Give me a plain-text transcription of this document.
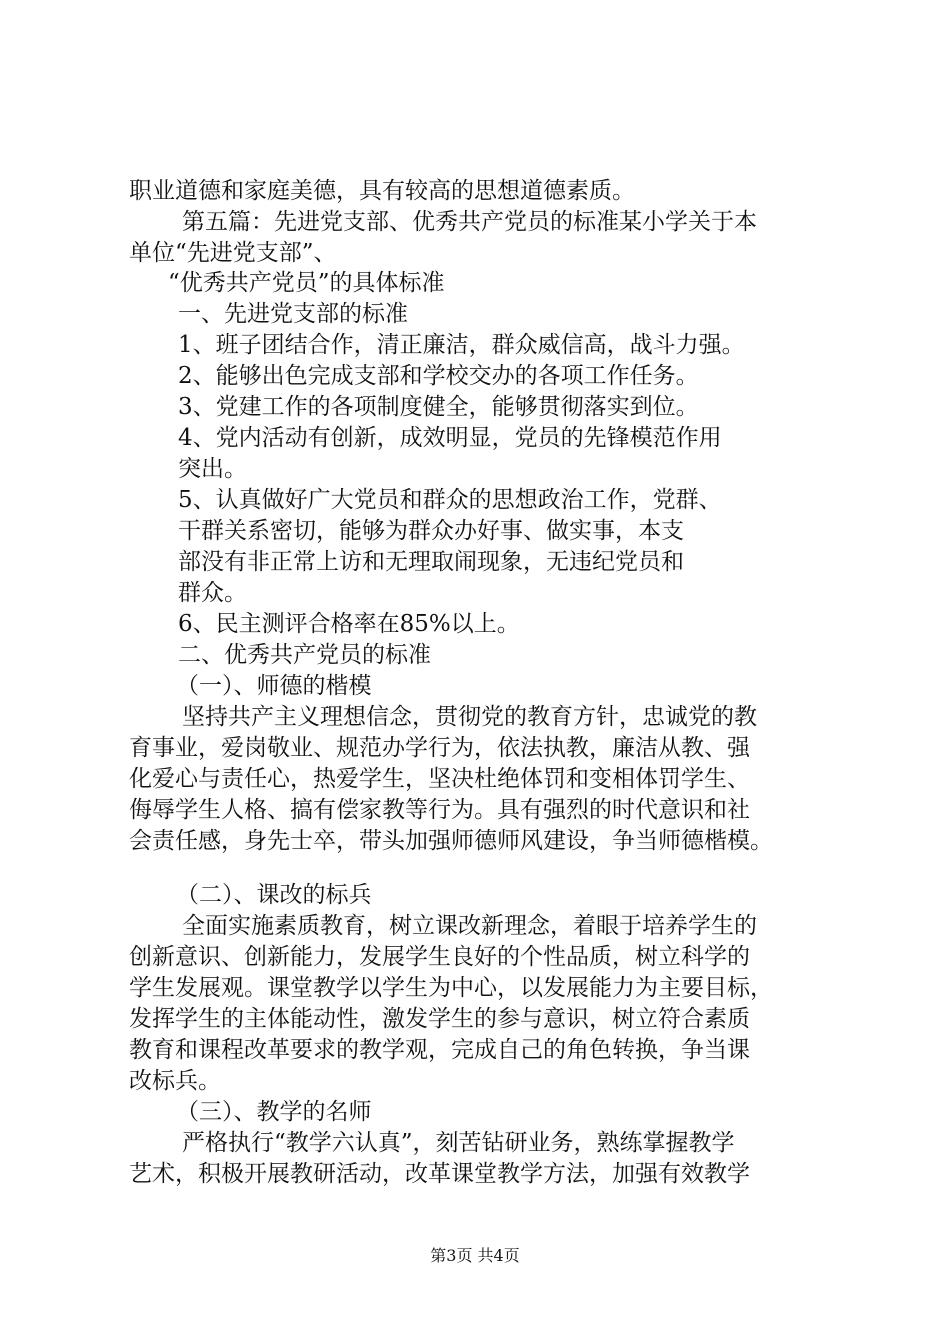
职业道德和家庭美德，具有较高的思想道德素质。
第五篇：先进党支部、优秀共产党员的标准某小学关于本
单位“先进党支部”、
“优秀共产党员”的具体标准
一、先进党支部的标准
1、班子团结合作，清正廉洁，群众威信高，战斗力强。
2、能够出色完成支部和学校交办的各项工作任务。
3、党建工作的各项制度健全，能够贯彻落实到位。
4、党内活动有创新，成效明显，党员的先锋模范作用
突出。
5、认真做好广大党员和群众的思想政治工作，党群、
干群关系密切，能够为群众办好事、做实事，本支
部没有非正常上访和无理取闹现象，无违纪党员和
群众。
6、民主测评合格率在85%以上。
二、优秀共产党员的标准
（一）、师德的楷模
坚持共产主义理想信念，贯彻党的教育方针，忠诚党的教
育事业，爱岗敬业、规范办学行为，依法执教，廉洁从教、强
化爱心与责任心，热爱学生，坚决杜绝体罚和变相体罚学生、
侮辱学生人格、搞有偿家教等行为。具有强烈的时代意识和社
会责任感，身先士卒，带头加强师德师风建设，争当师德楷模。
（二）、课改的标兵
全面实施素质教育，树立课改新理念，着眼于培养学生的
创新意识、创新能力，发展学生良好的个性品质，树立科学的
学生发展观。课堂教学以学生为中心，以发展能力为主要目标，
发挥学生的主体能动性，激发学生的参与意识，树立符合素质
教育和课程改革要求的教学观，完成自己的角色转换，争当课
改标兵。
（三）、教学的名师
严格执行“教学六认真”，刻苦钻研业务，熟练掌握教学
艺术，积极开展教研活动，改革课堂教学方法，加强有效教学
第3页 共4页
